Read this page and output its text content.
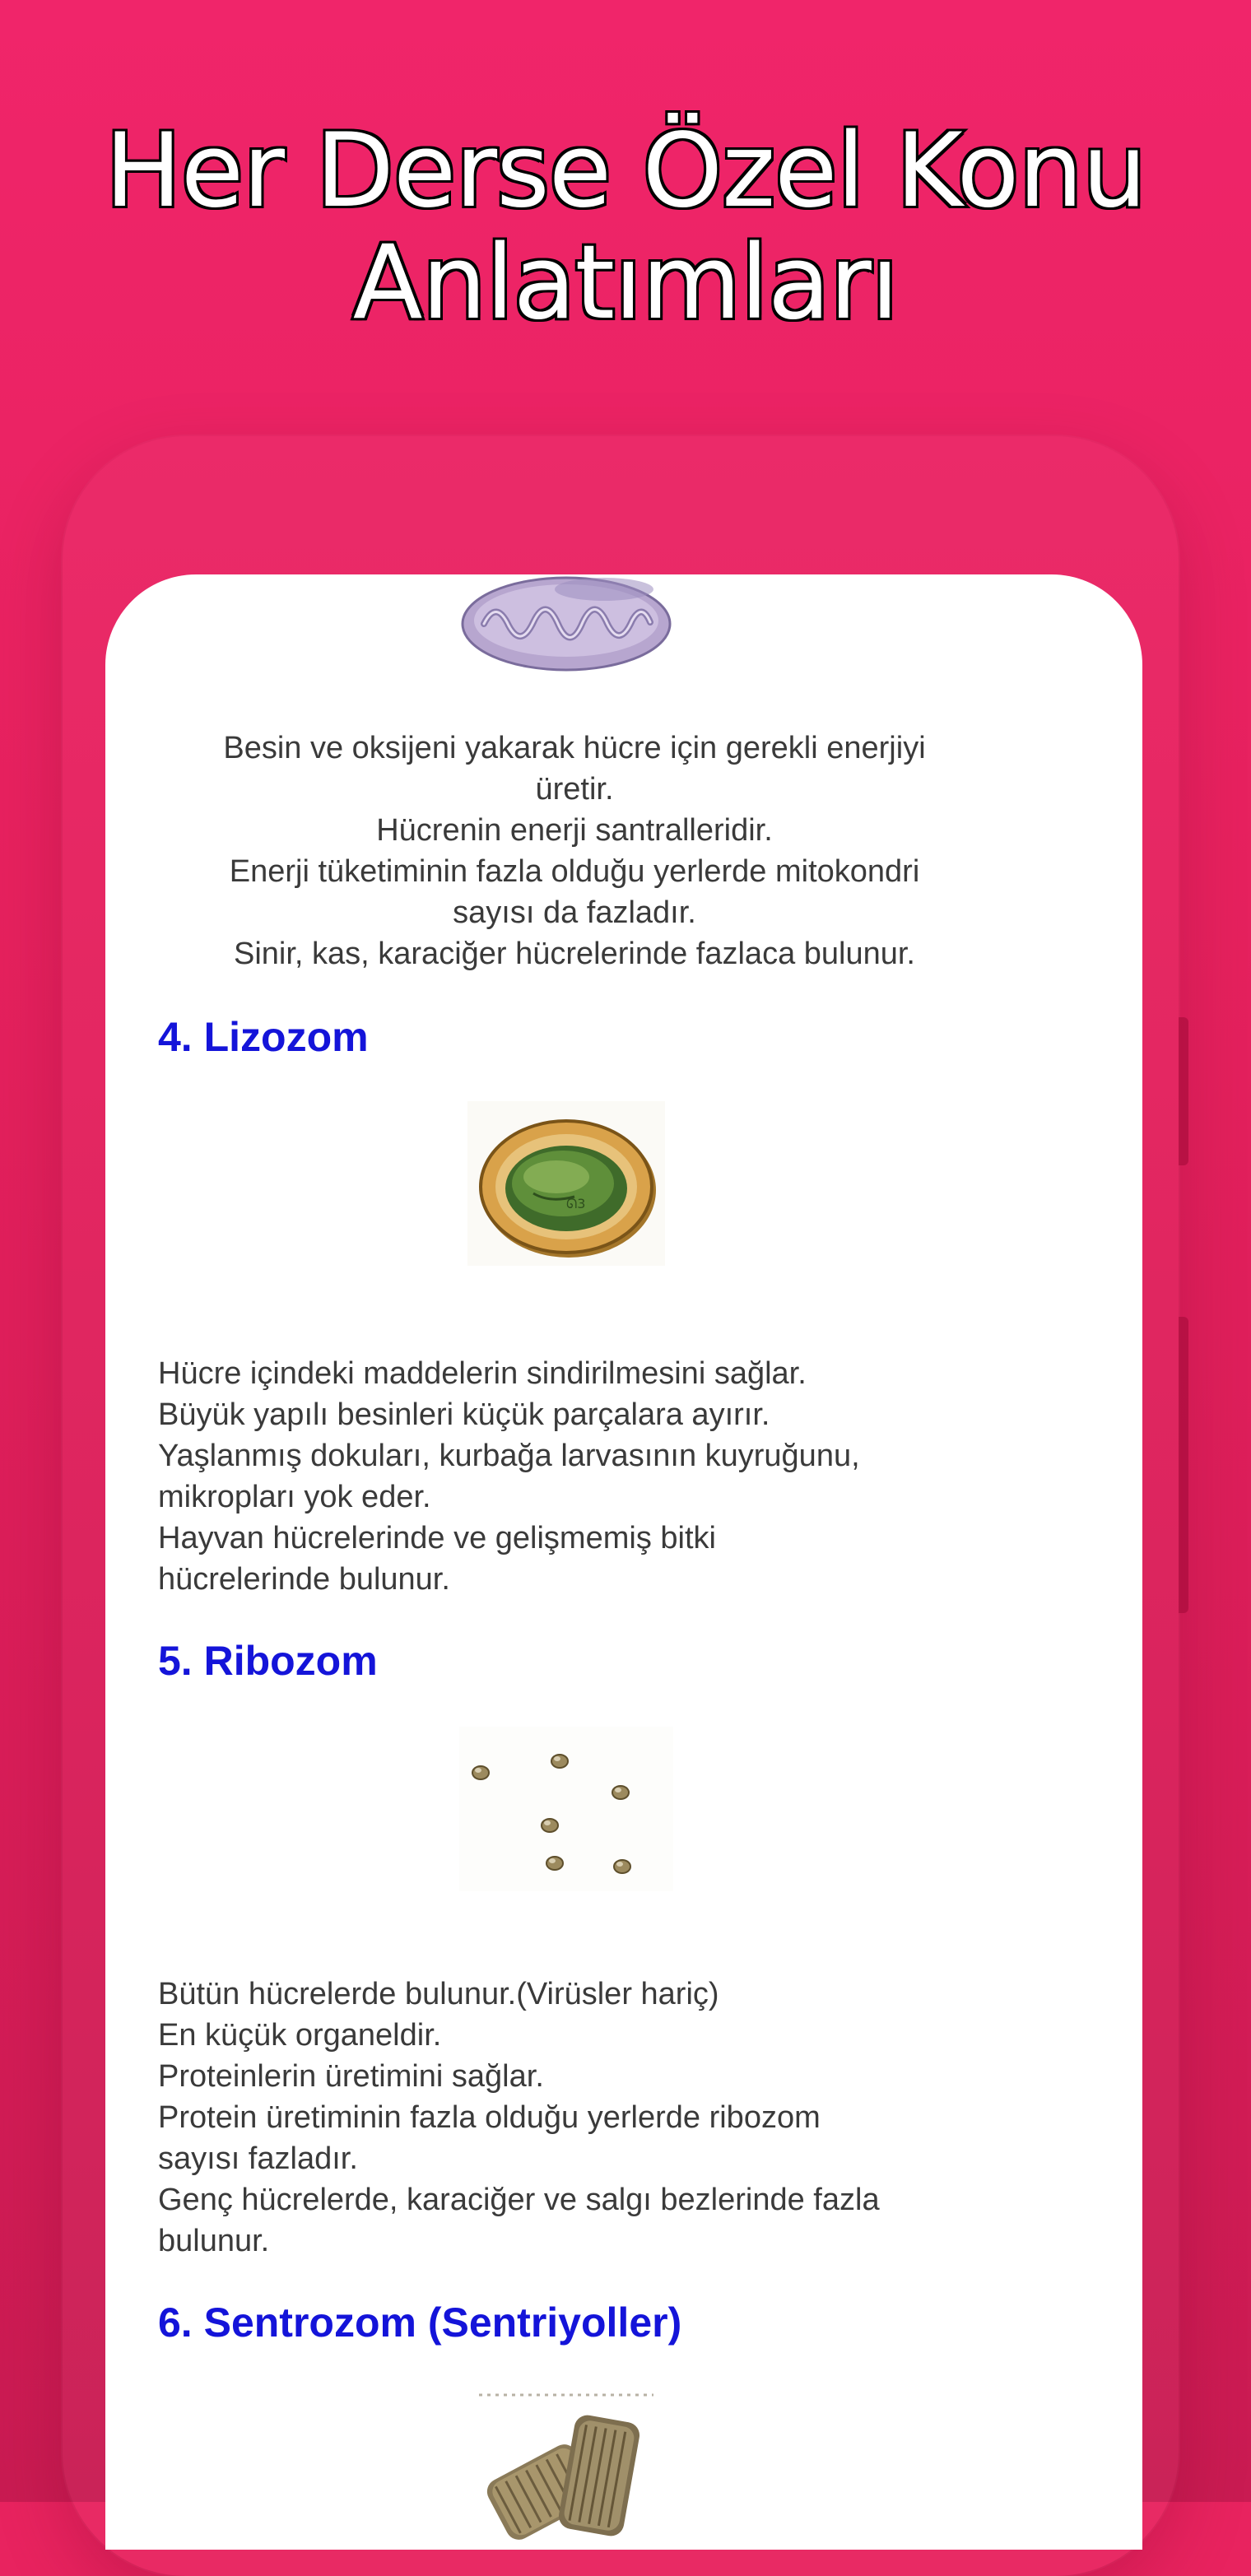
Her Derse Özel Konu
Anlatımları
Besin ve oksijeni yakarak hücre için gerekli enerjiyi
üretir.
Hücrenin enerji santralleridir.
Enerji tüketiminin fazla olduğu yerlerde mitokondri
sayısı da fazladır.
Sinir, kas, karaciğer hücrelerinde fazlaca bulunur.
4. Lizozom
ᘏ3
Hücre içindeki maddelerin sindirilmesini sağlar.
Büyük yapılı besinleri küçük parçalara ayırır.
Yaşlanmış dokuları, kurbağa larvasının kuyruğunu,
mikropları yok eder.
Hayvan hücrelerinde ve gelişmemiş bitki
hücrelerinde bulunur.
5. Ribozom
Bütün hücrelerde bulunur.(Virüsler hariç)
En küçük organeldir.
Proteinlerin üretimini sağlar.
Protein üretiminin fazla olduğu yerlerde ribozom
sayısı fazladır.
Genç hücrelerde, karaciğer ve salgı bezlerinde fazla
bulunur.
6. Sentrozom (Sentriyoller)
